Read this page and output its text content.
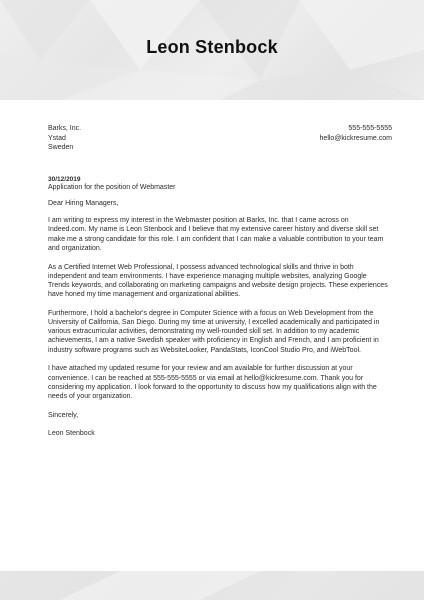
Leon Stenbock
Barks, Inc.
Ystad
Sweden
555-555-5555
hello@kickresume.com
30/12/2019
Application for the position of Webmaster

Dear Hiring Managers,

I am writing to express my interest in the Webmaster position at Barks, Inc. that I came across on Indeed.com. My name is Leon Stenbock and I believe that my extensive career history and diverse skill set make me a strong candidate for this role. I am confident that I can make a valuable contribution to your team and organization.

As a Certified Internet Web Professional, I possess advanced technological skills and thrive in both independent and team environments. I have experience managing multiple websites, analyzing Google Trends keywords, and collaborating on marketing campaigns and website design projects. These experiences have honed my time management and organizational abilities.

Furthermore, I hold a bachelor's degree in Computer Science with a focus on Web Development from the University of California, San Diego. During my time at university, I excelled academically and participated in various extracurricular activities, demonstrating my well-rounded skill set. In addition to my academic achievements, I am a native Swedish speaker with proficiency in English and French, and I am proficient in industry software programs such as WebsiteLooker, PandaStats, IconCool Studio Pro, and iWebTool.

I have attached my updated resume for your review and am available for further discussion at your convenience. I can be reached at 555-555-5555 or via email at hello@kickresume.com. Thank you for considering my application. I look forward to the opportunity to discuss how my qualifications align with the needs of your organization.

Sincerely,

Leon Stenbock
